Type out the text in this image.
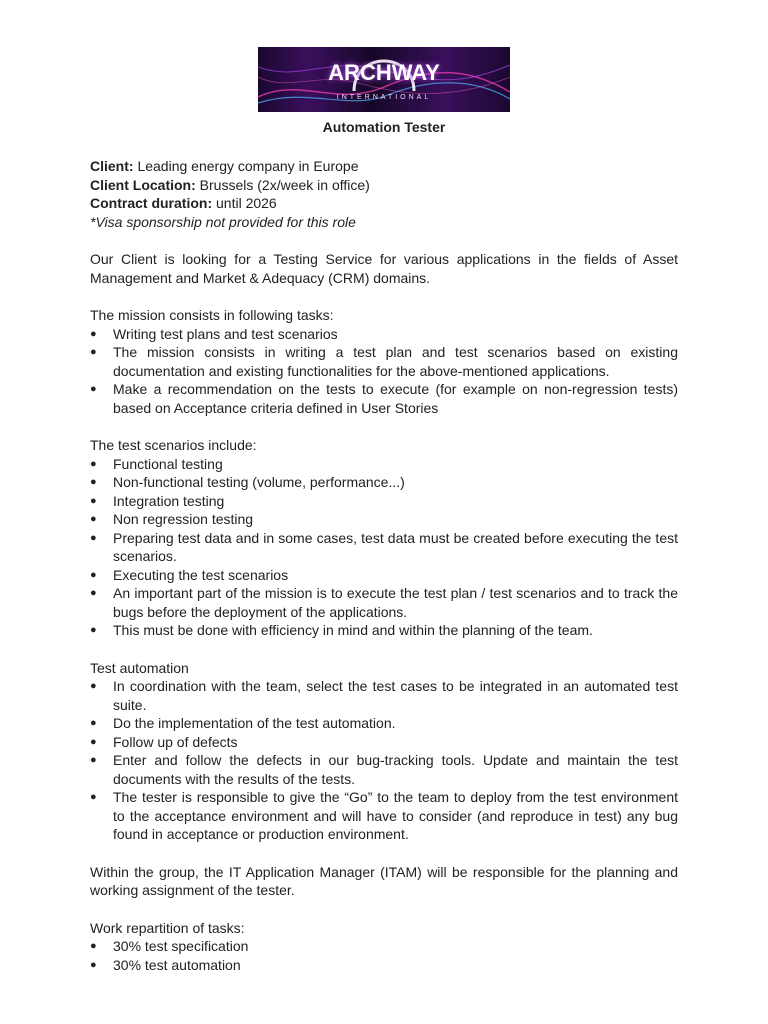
ARCHWAY
INTERNATIONAL
Automation Tester

Client: Leading energy company in Europe

Client Location: Brussels (2x/week in office)

Contract duration: until 2026

*Visa sponsorship not provided for this role

Our Client is looking for a Testing Service for various applications in the fields of Asset Management and Market & Adequacy (CRM) domains.

The mission consists in following tasks:

● Writing test plans and test scenarios
● The mission consists in writing a test plan and test scenarios based on existing documentation and existing functionalities for the above-mentioned applications.
● Make a recommendation on the tests to execute (for example on non-regression tests) based on Acceptance criteria defined in User Stories

The test scenarios include:

● Functional testing
● Non-functional testing (volume, performance...)
● Integration testing
● Non regression testing
● Preparing test data and in some cases, test data must be created before executing the test scenarios.
● Executing the test scenarios
● An important part of the mission is to execute the test plan / test scenarios and to track the bugs before the deployment of the applications.
● This must be done with efficiency in mind and within the planning of the team.

Test automation

● In coordination with the team, select the test cases to be integrated in an automated test suite.
● Do the implementation of the test automation.
● Follow up of defects
● Enter and follow the defects in our bug-tracking tools. Update and maintain the test documents with the results of the tests.
● The tester is responsible to give the “Go” to the team to deploy from the test environment to the acceptance environment and will have to consider (and reproduce in test) any bug found in acceptance or production environment.

Within the group, the IT Application Manager (ITAM) will be responsible for the planning and working assignment of the tester.

Work repartition of tasks:

● 30% test specification
● 30% test automation
